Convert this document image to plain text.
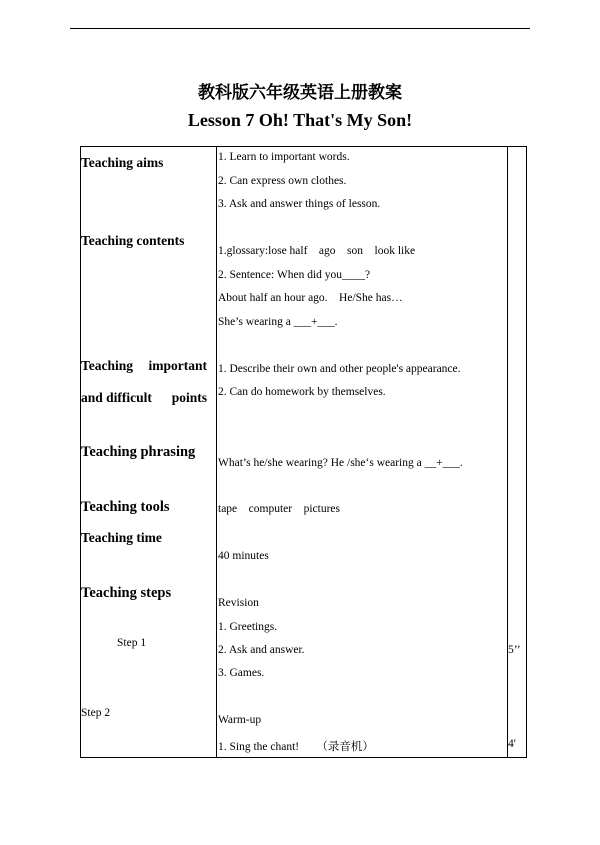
教科版六年级英语上册教案
Lesson 7 Oh! That's My Son!
Teaching aims
Teaching contents
Teaching important
and difficult points
Teaching phrasing
Teaching tools
Teaching time
Teaching steps
Step 1
Step 2
1. Learn to important words.
2. Can express own clothes.
3. Ask and answer things of lesson.
1.glossary:lose half    ago    son    look like
2. Sentence: When did you____?
About half an hour ago.    He/She has…
She’s wearing a ___+___.
1. Describe their own and other people's appearance.
2. Can do homework by themselves.
What’s he/she wearing? He /she‘s wearing a __+___.
tape    computer    pictures
40 minutes
Revision
1. Greetings.
2. Ask and answer.
3. Games.
Warm-up
1. Sing the chant!      （录音机）
5’’
4'
